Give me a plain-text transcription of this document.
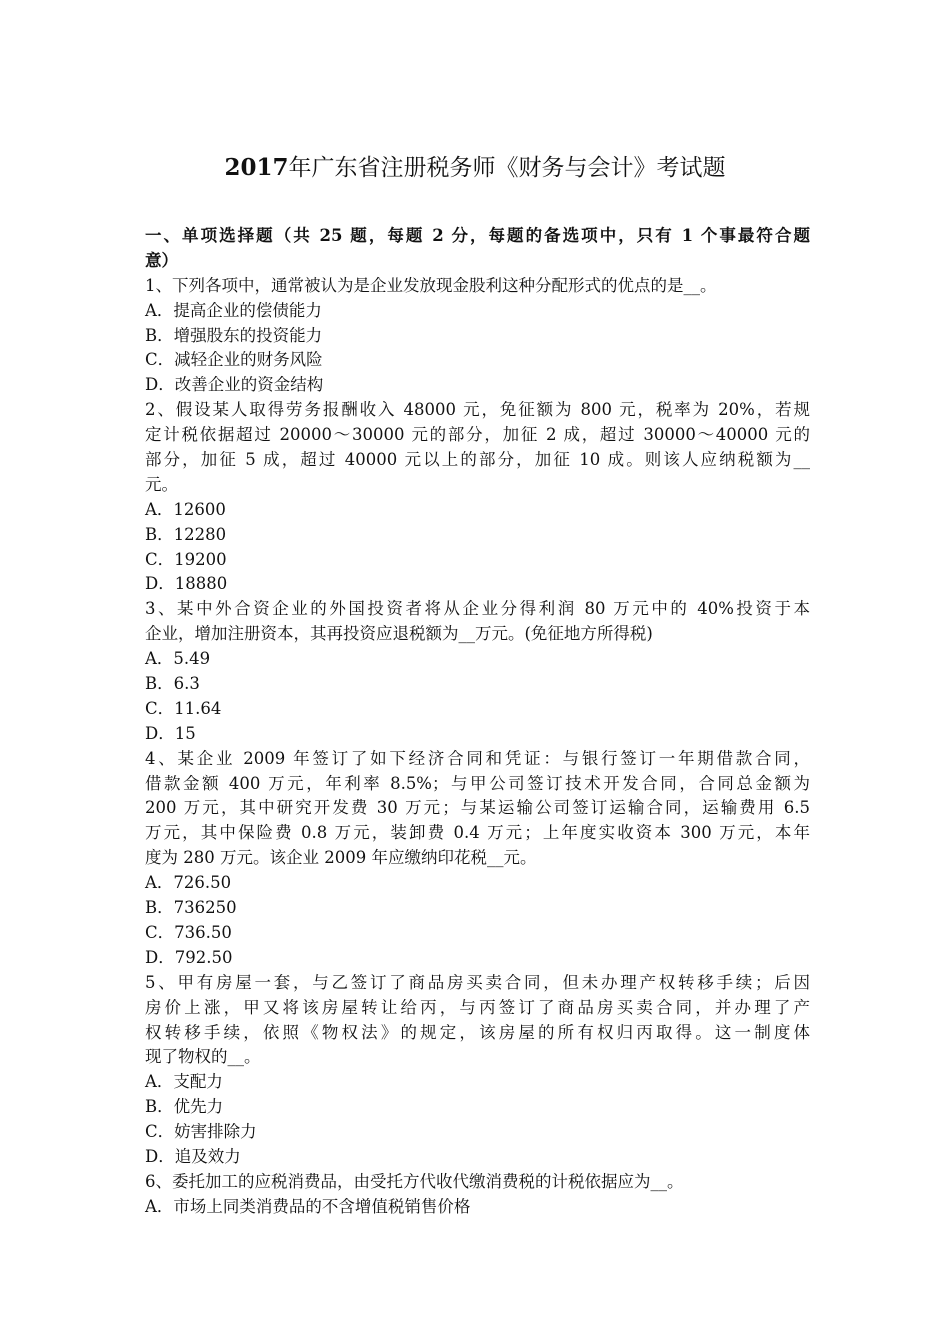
2017年广东省注册税务师《财务与会计》考试题
一、单项选择题（共 25 题，每题 2 分，每题的备选项中，只有 1 个事最符合题
意）
1、下列各项中，通常被认为是企业发放现金股利这种分配形式的优点的是__。
A．提高企业的偿债能力
B．增强股东的投资能力
C．减轻企业的财务风险
D．改善企业的资金结构
2、假设某人取得劳务报酬收入 48000 元，免征额为 800 元，税率为 20%，若规
定计税依据超过 20000～30000 元的部分，加征 2 成，超过 30000～40000 元的
部分，加征 5 成，超过 40000 元以上的部分，加征 10 成。则该人应纳税额为__
元。
A．12600
B．12280
C．19200
D．18880
3、某中外合资企业的外国投资者将从企业分得利润 80 万元中的 40%投资于本
企业，增加注册资本，其再投资应退税额为__万元。(免征地方所得税)
A．5.49
B．6.3
C．11.64
D．15
4、某企业 2009 年签订了如下经济合同和凭证：与银行签订一年期借款合同，
借款金额 400 万元，年利率 8.5%；与甲公司签订技术开发合同，合同总金额为
200 万元，其中研究开发费 30 万元；与某运输公司签订运输合同，运输费用 6.5
万元，其中保险费 0.8 万元，装卸费 0.4 万元；上年度实收资本 300 万元，本年
度为 280 万元。该企业 2009 年应缴纳印花税__元。
A．726.50
B．736250
C．736.50
D．792.50
5、甲有房屋一套，与乙签订了商品房买卖合同，但未办理产权转移手续；后因
房价上涨，甲又将该房屋转让给丙，与丙签订了商品房买卖合同，并办理了产
权转移手续，依照《物权法》的规定，该房屋的所有权归丙取得。这一制度体
现了物权的__。
A．支配力
B．优先力
C．妨害排除力
D．追及效力
6、委托加工的应税消费品，由受托方代收代缴消费税的计税依据应为__。
A．市场上同类消费品的不含增值税销售价格
